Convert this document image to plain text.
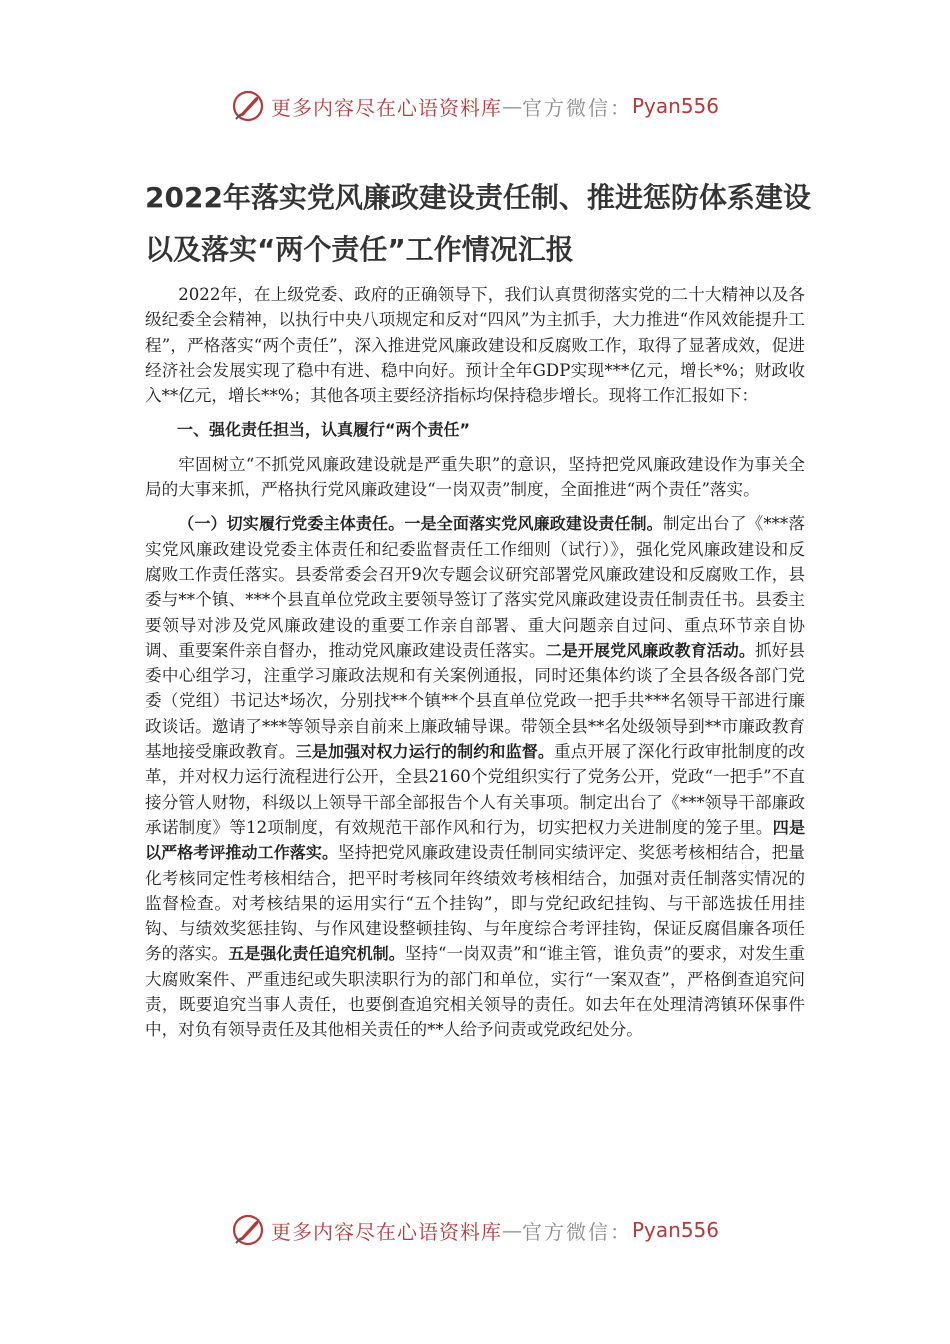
更多内容尽在心语资料库 — 官方微信： Pyan556
2022年落实党风廉政建设责任制、推进惩防体系建设以及落实“两个责任”工作情况汇报

2022年，在上级党委、政府的正确领导下，我们认真贯彻落实党的二十大精神以及各级纪委全会精神，以执行中央八项规定和反对“四风”为主抓手，大力推进“作风效能提升工程”，严格落实“两个责任”，深入推进党风廉政建设和反腐败工作，取得了显著成效，促进经济社会发展实现了稳中有进、稳中向好。预计全年GDP实现***亿元，增长*%；财政收入**亿元，增长**%；其他各项主要经济指标均保持稳步增长。现将工作汇报如下：

一、强化责任担当，认真履行“两个责任”

牢固树立“不抓党风廉政建设就是严重失职”的意识，坚持把党风廉政建设作为事关全局的大事来抓，严格执行党风廉政建设“一岗双责”制度，全面推进“两个责任”落实。

（一）切实履行党委主体责任。一是全面落实党风廉政建设责任制。制定出台了《***落实党风廉政建设党委主体责任和纪委监督责任工作细则（试行）》，强化党风廉政建设和反腐败工作责任落实。县委常委会召开9次专题会议研究部署党风廉政建设和反腐败工作，县委与**个镇、***个县直单位党政主要领导签订了落实党风廉政建设责任制责任书。县委主要领导对涉及党风廉政建设的重要工作亲自部署、重大问题亲自过问、重点环节亲自协调、重要案件亲自督办，推动党风廉政建设责任落实。二是开展党风廉政教育活动。抓好县委中心组学习，注重学习廉政法规和有关案例通报，同时还集体约谈了全县各级各部门党委（党组）书记达*场次，分别找**个镇**个县直单位党政一把手共***名领导干部进行廉政谈话。邀请了***等领导亲自前来上廉政辅导课。带领全县**名处级领导到**市廉政教育基地接受廉政教育。三是加强对权力运行的制约和监督。重点开展了深化行政审批制度的改革，并对权力运行流程进行公开，全县2160个党组织实行了党务公开，党政“一把手”不直接分管人财物，科级以上领导干部全部报告个人有关事项。制定出台了《***领导干部廉政承诺制度》等12项制度，有效规范干部作风和行为，切实把权力关进制度的笼子里。四是以严格考评推动工作落实。坚持把党风廉政建设责任制同实绩评定、奖惩考核相结合，把量化考核同定性考核相结合，把平时考核同年终绩效考核相结合，加强对责任制落实情况的监督检查。对考核结果的运用实行“五个挂钩”，即与党纪政纪挂钩、与干部选拔任用挂钩、与绩效奖惩挂钩、与作风建设整顿挂钩、与年度综合考评挂钩，保证反腐倡廉各项任务的落实。五是强化责任追究机制。坚持“一岗双责”和“谁主管，谁负责”的要求，对发生重大腐败案件、严重违纪或失职渎职行为的部门和单位，实行“一案双查”，严格倒查追究问责，既要追究当事人责任，也要倒查追究相关领导的责任。如去年在处理清湾镇环保事件中，对负有领导责任及其他相关责任的**人给予问责或党政纪处分。

更多内容尽在心语资料库 — 官方微信： Pyan556
